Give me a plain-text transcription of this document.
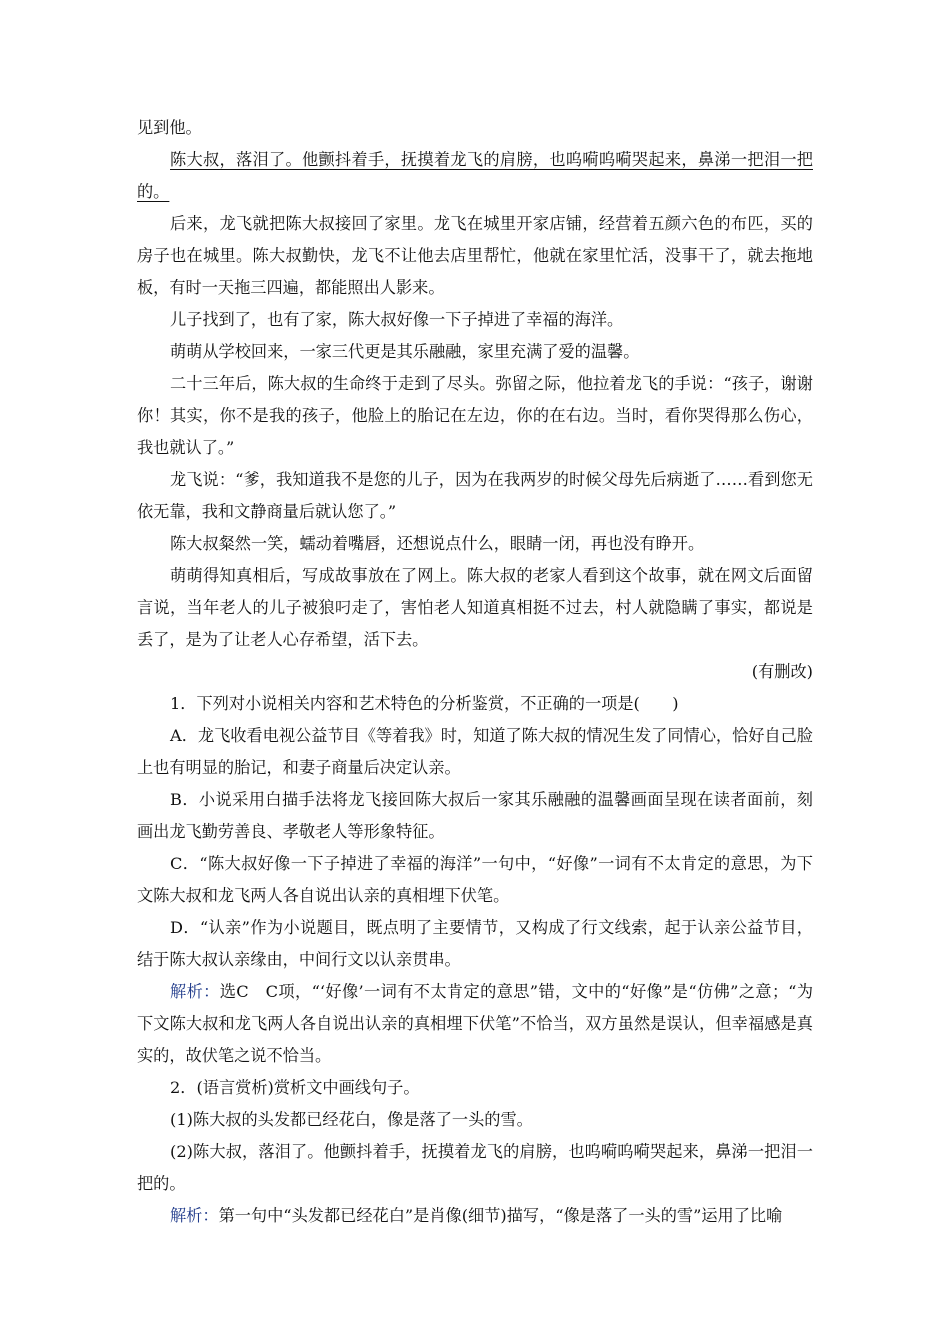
见到他。

陈大叔，落泪了。他颤抖着手，抚摸着龙飞的肩膀，也呜嗬呜嗬哭起来，鼻涕一把泪一把的。

后来，龙飞就把陈大叔接回了家里。龙飞在城里开家店铺，经营着五颜六色的布匹，买的房子也在城里。陈大叔勤快，龙飞不让他去店里帮忙，他就在家里忙活，没事干了，就去拖地板，有时一天拖三四遍，都能照出人影来。

儿子找到了，也有了家，陈大叔好像一下子掉进了幸福的海洋。

萌萌从学校回来，一家三代更是其乐融融，家里充满了爱的温馨。

二十三年后，陈大叔的生命终于走到了尽头。弥留之际，他拉着龙飞的手说：“孩子，谢谢你！其实，你不是我的孩子，他脸上的胎记在左边，你的在右边。当时，看你哭得那么伤心，我也就认了。”

龙飞说：“爹，我知道我不是您的儿子，因为在我两岁的时候父母先后病逝了……看到您无依无靠，我和文静商量后就认您了。”

陈大叔粲然一笑，蠕动着嘴唇，还想说点什么，眼睛一闭，再也没有睁开。

萌萌得知真相后，写成故事放在了网上。陈大叔的老家人看到这个故事，就在网文后面留言说，当年老人的儿子被狼叼走了，害怕老人知道真相挺不过去，村人就隐瞒了事实，都说是丢了，是为了让老人心存希望，活下去。

(有删改)

1．下列对小说相关内容和艺术特色的分析鉴赏，不正确的一项是(　　)

A．龙飞收看电视公益节目《等着我》时，知道了陈大叔的情况生发了同情心，恰好自己脸上也有明显的胎记，和妻子商量后决定认亲。

B．小说采用白描手法将龙飞接回陈大叔后一家其乐融融的温馨画面呈现在读者面前，刻画出龙飞勤劳善良、孝敬老人等形象特征。

C．“陈大叔好像一下子掉进了幸福的海洋”一句中，“好像”一词有不太肯定的意思，为下文陈大叔和龙飞两人各自说出认亲的真相埋下伏笔。

D．“认亲”作为小说题目，既点明了主要情节，又构成了行文线索，起于认亲公益节目，结于陈大叔认亲缘由，中间行文以认亲贯串。

解析：选C　C项，“‘好像’一词有不太肯定的意思”错，文中的“好像”是“仿佛”之意；“为下文陈大叔和龙飞两人各自说出认亲的真相埋下伏笔”不恰当，双方虽然是误认，但幸福感是真实的，故伏笔之说不恰当。

2．(语言赏析)赏析文中画线句子。

(1)陈大叔的头发都已经花白，像是落了一头的雪。

(2)陈大叔，落泪了。他颤抖着手，抚摸着龙飞的肩膀，也呜嗬呜嗬哭起来，鼻涕一把泪一把的。

解析：第一句中“头发都已经花白”是肖像(细节)描写，“像是落了一头的雪”运用了比喻
